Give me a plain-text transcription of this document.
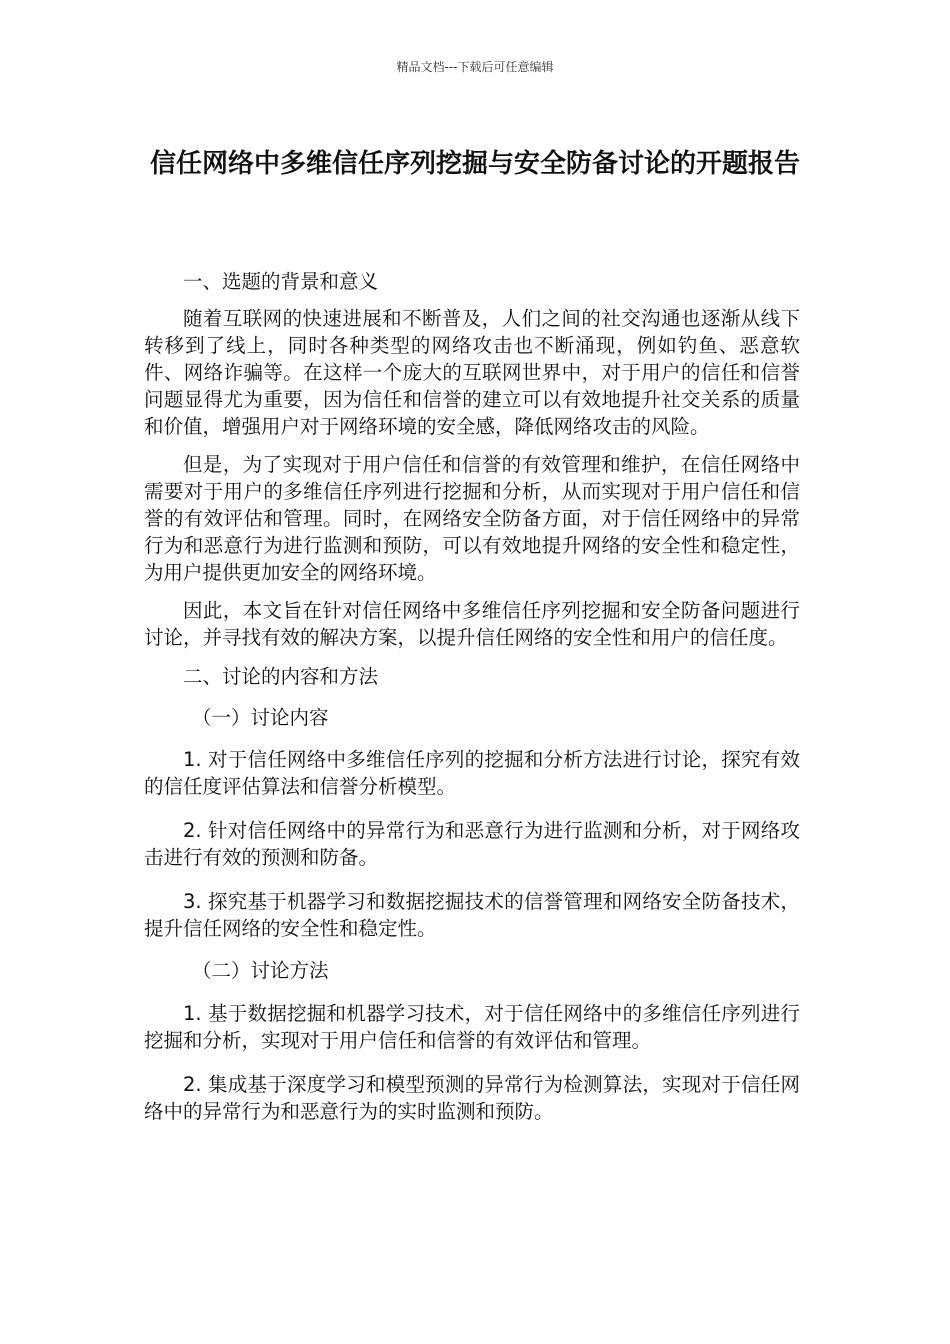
精品文档---下载后可任意编辑
信任网络中多维信任序列挖掘与安全防备讨论的开题报告
一、选题的背景和意义

随着互联网的快速进展和不断普及，人们之间的社交沟通也逐渐从线下转移到了线上，同时各种类型的网络攻击也不断涌现，例如钓鱼、恶意软件、网络诈骗等。在这样一个庞大的互联网世界中，对于用户的信任和信誉问题显得尤为重要，因为信任和信誉的建立可以有效地提升社交关系的质量和价值，增强用户对于网络环境的安全感，降低网络攻击的风险。

但是，为了实现对于用户信任和信誉的有效管理和维护，在信任网络中需要对于用户的多维信任序列进行挖掘和分析，从而实现对于用户信任和信誉的有效评估和管理。同时，在网络安全防备方面，对于信任网络中的异常行为和恶意行为进行监测和预防，可以有效地提升网络的安全性和稳定性，为用户提供更加安全的网络环境。

因此，本文旨在针对信任网络中多维信任序列挖掘和安全防备问题进行讨论，并寻找有效的解决方案，以提升信任网络的安全性和用户的信任度。

二、讨论的内容和方法
（一）讨论内容

1. 对于信任网络中多维信任序列的挖掘和分析方法进行讨论，探究有效的信任度评估算法和信誉分析模型。

2. 针对信任网络中的异常行为和恶意行为进行监测和分析，对于网络攻击进行有效的预测和防备。

3. 探究基于机器学习和数据挖掘技术的信誉管理和网络安全防备技术，提升信任网络的安全性和稳定性。

（二）讨论方法

1. 基于数据挖掘和机器学习技术，对于信任网络中的多维信任序列进行挖掘和分析，实现对于用户信任和信誉的有效评估和管理。

2. 集成基于深度学习和模型预测的异常行为检测算法，实现对于信任网络中的异常行为和恶意行为的实时监测和预防。
